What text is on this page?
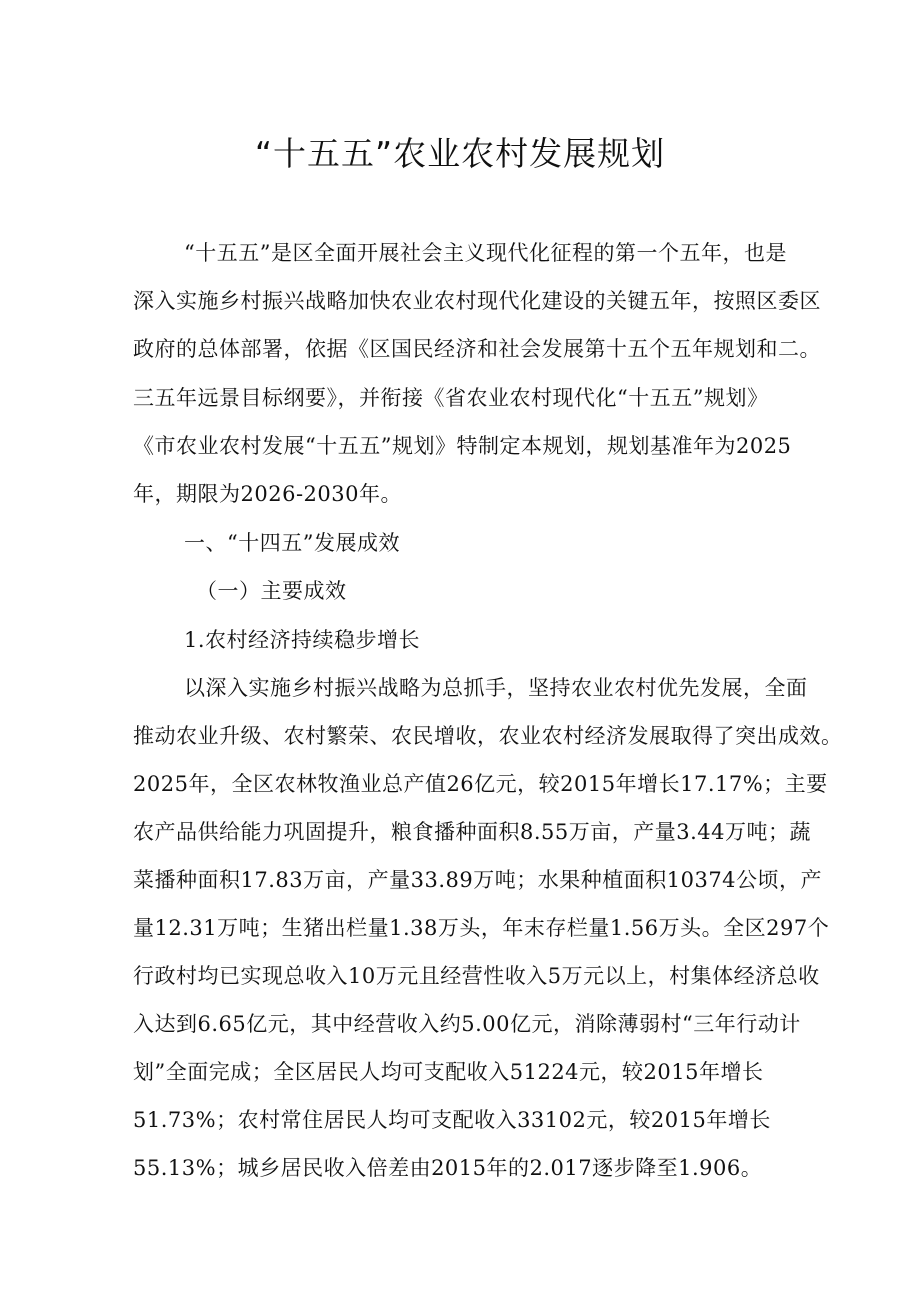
“十五五”农业农村发展规划
“十五五”是区全面开展社会主义现代化征程的第一个五年，也是
深入实施乡村振兴战略加快农业农村现代化建设的关键五年，按照区委区
政府的总体部署，依据《区国民经济和社会发展第十五个五年规划和二。
三五年远景目标纲要》，并衔接《省农业农村现代化“十五五”规划》
《市农业农村发展“十五五”规划》特制定本规划，规划基准年为2025
年，期限为2026-2030年。
一、“十四五”发展成效
（一）主要成效
1.农村经济持续稳步增长
以深入实施乡村振兴战略为总抓手，坚持农业农村优先发展，全面
推动农业升级、农村繁荣、农民增收，农业农村经济发展取得了突出成效。
2025年，全区农林牧渔业总产值26亿元，较2015年增长17.17%；主要
农产品供给能力巩固提升，粮食播种面积8.55万亩，产量3.44万吨；蔬
菜播种面积17.83万亩，产量33.89万吨；水果种植面积10374公顷，产
量12.31万吨；生猪出栏量1.38万头，年末存栏量1.56万头。全区297个
行政村均已实现总收入10万元且经营性收入5万元以上，村集体经济总收
入达到6.65亿元，其中经营收入约5.00亿元，消除薄弱村“三年行动计
划”全面完成；全区居民人均可支配收入51224元，较2015年增长
51.73%；农村常住居民人均可支配收入33102元，较2015年增长
55.13%；城乡居民收入倍差由2015年的2.017逐步降至1.906。
